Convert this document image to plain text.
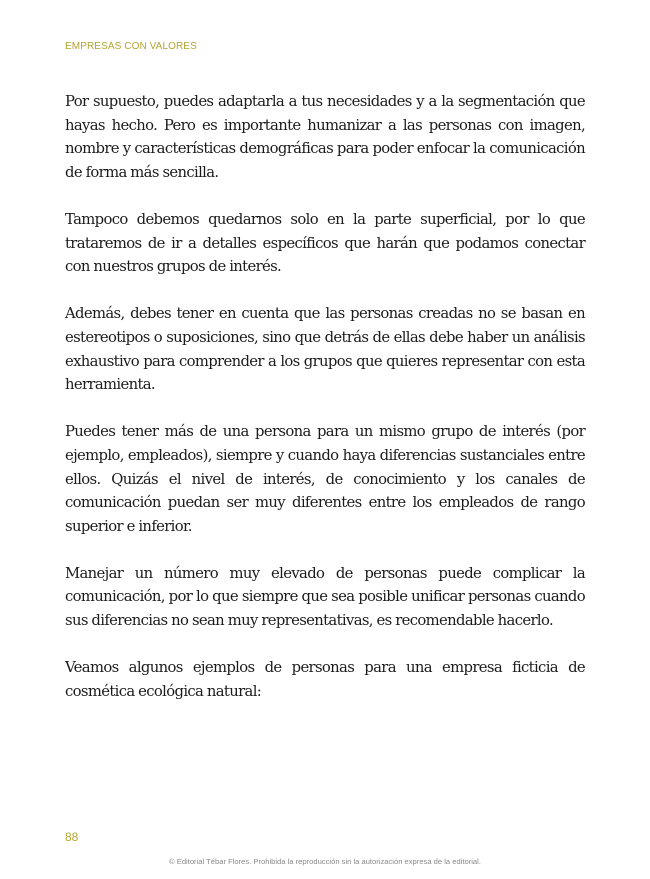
EMPRESAS CON VALORES

Por supuesto, puedes adaptarla a tus necesidades y a la segmentación que hayas hecho. Pero es importante humanizar a las personas con imagen, nombre y características demográficas para poder enfocar la comunicación de forma más sencilla.

Tampoco debemos quedarnos solo en la parte superficial, por lo que trataremos de ir a detalles específicos que harán que podamos conectar con nuestros grupos de interés.

Además, debes tener en cuenta que las personas creadas no se basan en estereotipos o suposiciones, sino que detrás de ellas debe haber un análisis exhaustivo para comprender a los grupos que quieres representar con esta herramienta.

Puedes tener más de una persona para un mismo grupo de interés (por ejemplo, empleados), siempre y cuando haya diferencias sustanciales entre ellos. Quizás el nivel de interés, de conocimiento y los canales de comunicación puedan ser muy diferentes entre los empleados de rango superior e inferior.

Manejar un número muy elevado de personas puede complicar la comunicación, por lo que siempre que sea posible unificar personas cuando sus diferencias no sean muy representativas, es recomendable hacerlo.

Veamos algunos ejemplos de personas para una empresa ficticia de cosmética ecológica natural:

88
© Editorial Tébar Flores. Prohibida la reproducción sin la autorización expresa de la editorial.
